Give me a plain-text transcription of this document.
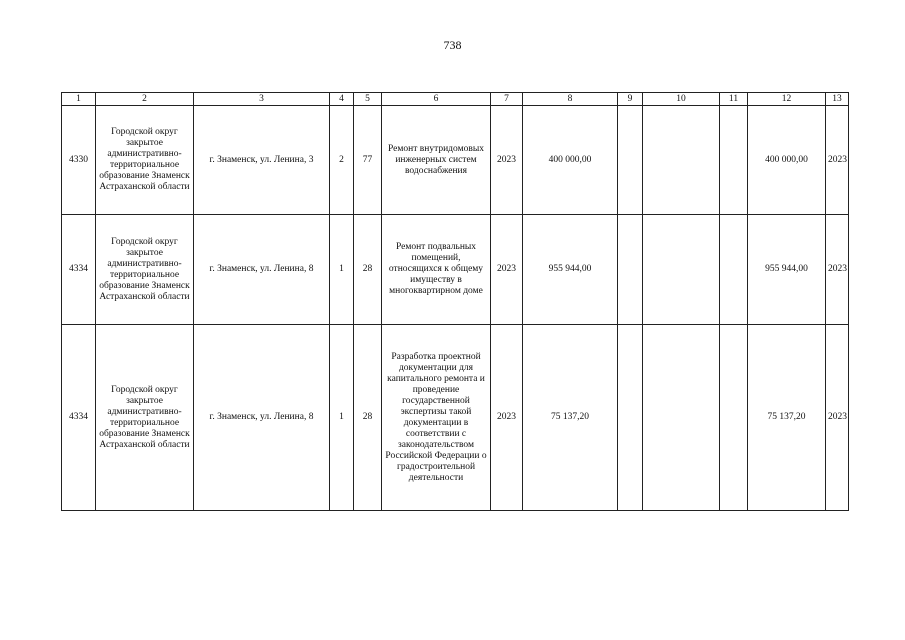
738
1	2	3	4	5	6	7	8	9	10	11	12	13
4330	Городской округ закрытое административно-территориальное образование Знаменск Астраханской области	г. Знаменск, ул. Ленина, 3	2	77	Ремонт внутридомовых инженерных систем водоснабжения	2023	400 000,00				400 000,00	2023
4334	Городской округ закрытое административно-территориальное образование Знаменск Астраханской области	г. Знаменск, ул. Ленина, 8	1	28	Ремонт подвальных помещений, относящихся к общему имуществу в многоквартирном доме	2023	955 944,00				955 944,00	2023
4334	Городской округ закрытое административно-территориальное образование Знаменск Астраханской области	г. Знаменск, ул. Ленина, 8	1	28	Разработка проектной документации для капитального ремонта и проведение государственной экспертизы такой документации в соответствии с законодательством Российской Федерации о градостроительной деятельности	2023	75 137,20				75 137,20	2023
